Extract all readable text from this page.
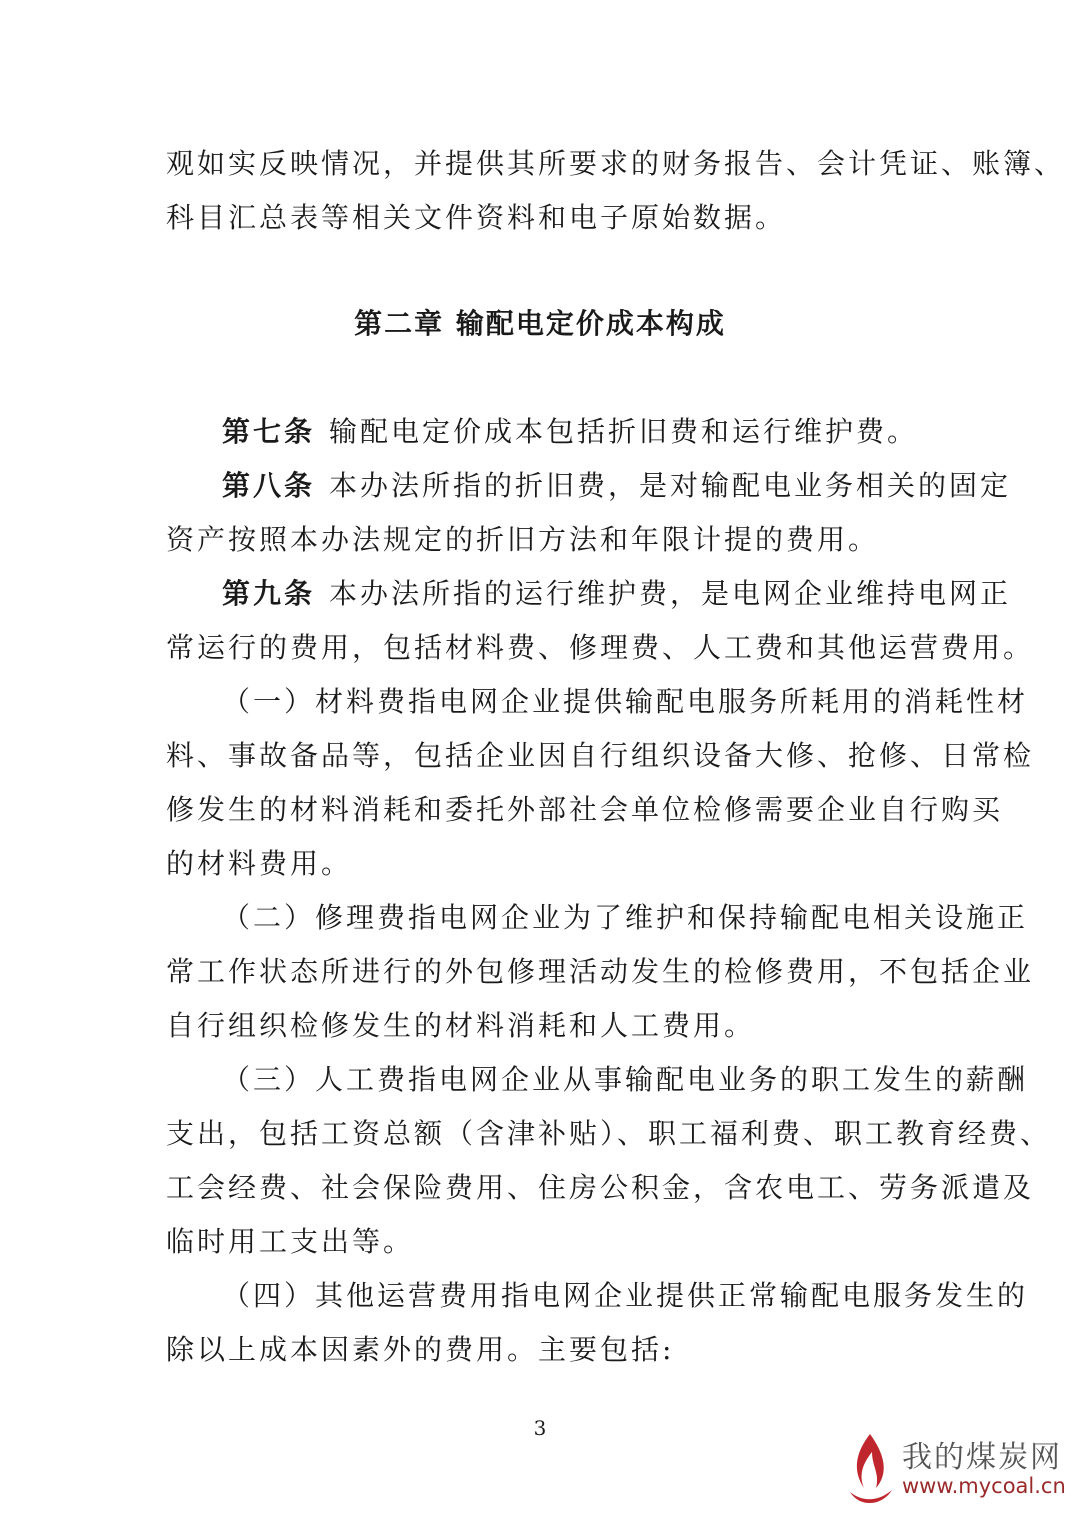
观如实反映情况，并提供其所要求的财务报告、会计凭证、账簿、
科目汇总表等相关文件资料和电子原始数据。
第二章 输配电定价成本构成
第七条 输配电定价成本包括折旧费和运行维护费。
第八条 本办法所指的折旧费，是对输配电业务相关的固定
资产按照本办法规定的折旧方法和年限计提的费用。
第九条 本办法所指的运行维护费，是电网企业维持电网正
常运行的费用，包括材料费、修理费、人工费和其他运营费用。
（一）材料费指电网企业提供输配电服务所耗用的消耗性材
料、事故备品等，包括企业因自行组织设备大修、抢修、日常检
修发生的材料消耗和委托外部社会单位检修需要企业自行购买
的材料费用。
（二）修理费指电网企业为了维护和保持输配电相关设施正
常工作状态所进行的外包修理活动发生的检修费用，不包括企业
自行组织检修发生的材料消耗和人工费用。
（三）人工费指电网企业从事输配电业务的职工发生的薪酬
支出，包括工资总额（含津补贴）、职工福利费、职工教育经费、
工会经费、社会保险费用、住房公积金，含农电工、劳务派遣及
临时用工支出等。
（四）其他运营费用指电网企业提供正常输配电服务发生的
除以上成本因素外的费用。主要包括:
3
我的煤炭网
www.mycoal.cn
